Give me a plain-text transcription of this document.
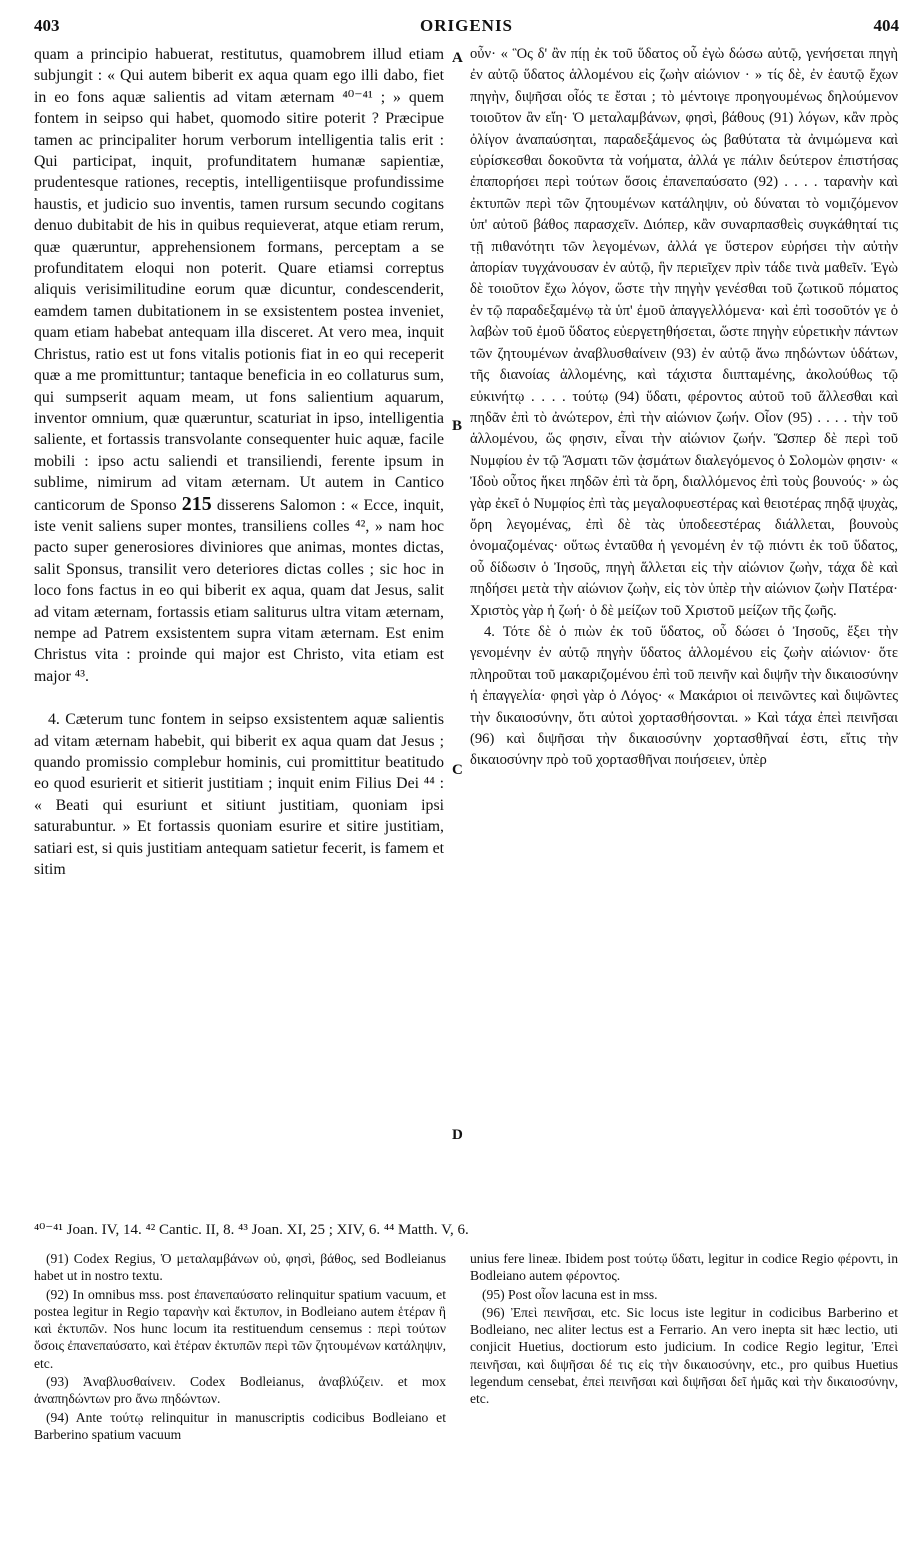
403	ORIGENIS	404

quam a principio habuerat, restitutus, quamobrem illud etiam subjungit : « Qui autem biberit ex aqua quam ego illi dabo, fiet in eo fons aquæ salientis ad vitam æternam ⁴⁰⁻⁴¹ ; » quem fontem in seipso qui habet, quomodo sitire poterit ? Præcipue tamen ac principaliter horum verborum intelligentia talis erit : Qui participat, inquit, profunditatem humanæ sapientiæ, prudentesque rationes, receptis, intelligentiisque profundissime haustis, et judicio suo inventis, tamen rursum secundo cogitans denuo dubitabit de his in quibus requieverat, atque etiam rerum, quæ quæruntur, apprehensionem formans, perceptam a se profunditatem eloqui non poterit. Quare etiamsi correptus aliquis verisimilitudine eorum quæ dicuntur, condescenderit, eamdem tamen dubitationem in se exsistentem postea inveniet, quam etiam habebat antequam illa disceret. At vero mea, inquit Christus, ratio est ut fons vitalis potionis fiat in eo qui receperit quæ a me promittuntur; tantaque beneficia in eo collaturus sum, qui sumpserit aquam meam, ut fons salientium aquarum, inventor omnium, quæ quæruntur, scaturiat in ipso, intelligentia saliente, et fortassis transvolante consequenter huic aquæ, facile mobili : ipso actu saliendi et transiliendi, ferente ipsum in sublime, nimirum ad vitam æternam. Ut autem in Cantico canticorum de Sponso 215 disserens Salomon : « Ecce, inquit, iste venit saliens super montes, transiliens colles ⁴², » nam hoc pacto super generosiores diviniores que animas, montes dictas, salit Sponsus, transilit vero deteriores dictas colles ; sic hoc in loco fons factus in eo qui biberit ex aqua, quam dat Jesus, salit ad vitam æternam, fortassis etiam saliturus ultra vitam æternam, nempe ad Patrem exsistentem supra vitam æternam. Est enim Christus vita : proinde qui major est Christo, vita etiam est major ⁴³.

4. Cæterum tunc fontem in seipso exsistentem aquæ salientis ad vitam æternam habebit, qui biberit ex aqua quam dat Jesus ; quando promissio complebur hominis, cui promittitur beatitudo eo quod esurierit et sitierit justitiam ; inquit enim Filius Dei ⁴⁴ : « Beati qui esuriunt et sitiunt justitiam, quoniam ipsi saturabuntur. » Et fortassis quoniam esurire et sitire justitiam, satiari est, si quis justitiam antequam satietur fecerit, is famem et sitim

A
B
C
D

οὖν· « Ὃς δ' ἂν πίῃ ἐκ τοῦ ὕδατος οὗ ἐγὼ δώσω αὐτῷ, γενήσεται πηγὴ ἐν αὐτῷ ὕδατος ἁλλομένου εἰς ζωὴν αἰώνιον · » τίς δὲ, ἐν ἑαυτῷ ἔχων πηγὴν, διψῆσαι οἷός τε ἔσται ; τὸ μέντοιγε προηγουμένως δηλούμενον τοιοῦτον ἂν εἴη· Ὁ μεταλαμβάνων, φησὶ, βάθους (91) λόγων, κἂν πρὸς ὀλίγον ἀναπαύσηται, παραδεξάμενος ὡς βαθύτατα τὰ ἀνιμώμενα καὶ εὑρίσκεσθαι δοκοῦντα τὰ νοήματα, ἀλλά γε πάλιν δεύτερον ἐπιστήσας ἐπαπορήσει περὶ τούτων ὅσοις ἐπανεπαύσατο (92) . . . . ταρανὴν καὶ ἐκτυπῶν περὶ τῶν ζητουμένων κατάληψιν, οὐ δύναται τὸ νομιζόμενον ὑπ' αὐτοῦ βάθος παρασχεῖν. Διόπερ, κἂν συναρπασθεὶς συγκάθηταί τις τῇ πιθανότητι τῶν λεγομένων, ἀλλά γε ὕστερον εὑρήσει τὴν αὐτὴν ἀπορίαν τυγχάνουσαν ἐν αὐτῷ, ἣν περιεῖχεν πρὶν τάδε τινὰ μαθεῖν. Ἐγὼ δὲ τοιοῦτον ἔχω λόγον, ὥστε τὴν πηγὴν γενέσθαι τοῦ ζωτικοῦ πόματος ἐν τῷ παραδεξαμένῳ τὰ ὑπ' ἐμοῦ ἀπαγγελλόμενα· καὶ ἐπὶ τοσοῦτόν γε ὁ λαβὼν τοῦ ἐμοῦ ὕδατος εὐεργετηθήσεται, ὥστε πηγὴν εὑρετικὴν πάντων τῶν ζητουμένων ἀναβλυσθαίνειν (93) ἐν αὐτῷ ἄνω πηδώντων ὑδάτων, τῆς διανοίας ἁλλομένης, καὶ τάχιστα διιπταμένης, ἀκολούθως τῷ εὐκινήτῳ . . . . τούτῳ (94) ὕδατι, φέροντος αὐτοῦ τοῦ ἅλλεσθαι καὶ πηδᾶν ἐπὶ τὸ ἀνώτερον, ἐπὶ τὴν αἰώνιον ζωήν. Οἷον (95) . . . . τὴν τοῦ ἁλλομένου, ὥς φησιν, εἶναι τὴν αἰώνιον ζωήν. Ὥσπερ δὲ περὶ τοῦ Νυμφίου ἐν τῷ Ἄσματι τῶν ᾀσμάτων διαλεγόμενος ὁ Σολομὼν φησιν· « Ἰδοὺ οὗτος ἥκει πηδῶν ἐπὶ τὰ ὄρη, διαλλόμενος ἐπὶ τοὺς βουνούς· » ὡς γὰρ ἐκεῖ ὁ Νυμφίος ἐπὶ τὰς μεγαλοφυεστέρας καὶ θειοτέρας πηδᾷ ψυχὰς, ὄρη λεγομένας, ἐπὶ δὲ τὰς ὑποδεεστέρας διάλλεται, βουνοὺς ὀνομαζομένας· οὕτως ἐνταῦθα ἡ γενομένη ἐν τῷ πιόντι ἐκ τοῦ ὕδατος, οὗ δίδωσιν ὁ Ἰησοῦς, πηγὴ ἅλλεται εἰς τὴν αἰώνιον ζωὴν, τάχα δὲ καὶ πηδήσει μετὰ τὴν αἰώνιον ζωὴν, εἰς τὸν ὑπὲρ τὴν αἰώνιον ζωὴν Πατέρα· Χριστὸς γὰρ ἡ ζωή· ὁ δὲ μείζων τοῦ Χριστοῦ μείζων τῆς ζωῆς.

4. Τότε δὲ ὁ πιὼν ἐκ τοῦ ὕδατος, οὗ δώσει ὁ Ἰησοῦς, ἕξει τὴν γενομένην ἐν αὐτῷ πηγὴν ὕδατος ἁλλομένου εἰς ζωὴν αἰώνιον· ὅτε πληροῦται τοῦ μακαριζομένου ἐπὶ τοῦ πεινῆν καὶ διψῆν τὴν δικαιοσύνην ἡ ἐπαγγελία· φησὶ γὰρ ὁ Λόγος· « Μακάριοι οἱ πεινῶντες καὶ διψῶντες τὴν δικαιοσύνην, ὅτι αὐτοὶ χορτασθήσονται. » Καὶ τάχα ἐπεὶ πεινῆσαι (96) καὶ διψῆσαι τὴν δικαιοσύνην χορτασθῆναί ἐστι, εἴτις τὴν δικαιοσύνην πρὸ τοῦ χορτασθῆναι ποιήσειεν, ὑπὲρ

⁴⁰⁻⁴¹ Joan. IV, 14. ⁴² Cantic. II, 8. ⁴³ Joan. XI, 25 ; XIV, 6. ⁴⁴ Matth. V, 6.

(91) Codex Regius, Ὁ μεταλαμβάνων οὐ, φησὶ, βάθος, sed Bodleianus habet ut in nostro textu.

(92) In omnibus mss. post ἐπανεπαύσατο relinquitur spatium vacuum, et postea legitur in Regio ταρανὴν καὶ ἔκτυπον, in Bodleiano autem ἑτέραν ἢ καὶ ἐκτυπῶν. Nos hunc locum ita restituendum censemus : περὶ τούτων ὅσοις ἐπανεπαύσατο, καὶ ἑτέραν ἐκτυπῶν περὶ τῶν ζητουμένων κατάληψιν, etc.

(93) Ἀναβλυσθαίνειν. Codex Bodleianus, ἀναβλύζειν. et mox ἀναπηδώντων pro ἄνω πηδώντων.

(94) Ante τούτῳ relinquitur in manuscriptis codicibus Bodleiano et Barberino spatium vacuum

unius fere lineæ. Ibidem post τούτῳ ὕδατι, legitur in codice Regio φέροντι, in Bodleiano autem φέροντος.

(95) Post οἷον lacuna est in mss.

(96) Ἐπεὶ πεινῆσαι, etc. Sic locus iste legitur in codicibus Barberino et Bodleiano, nec aliter lectus est a Ferrario. An vero inepta sit hæc lectio, uti conjicit Huetius, doctiorum esto judicium. In codice Regio legitur, Ἐπεὶ πεινῆσαι, καὶ διψῆσαι δέ τις εἰς τὴν δικαιοσύνην, etc., pro quibus Huetius legendum censebat, ἐπεὶ πεινῆσαι καὶ διψῆσαι δεῖ ἡμᾶς καὶ τὴν δικαιοσύνην, etc.
